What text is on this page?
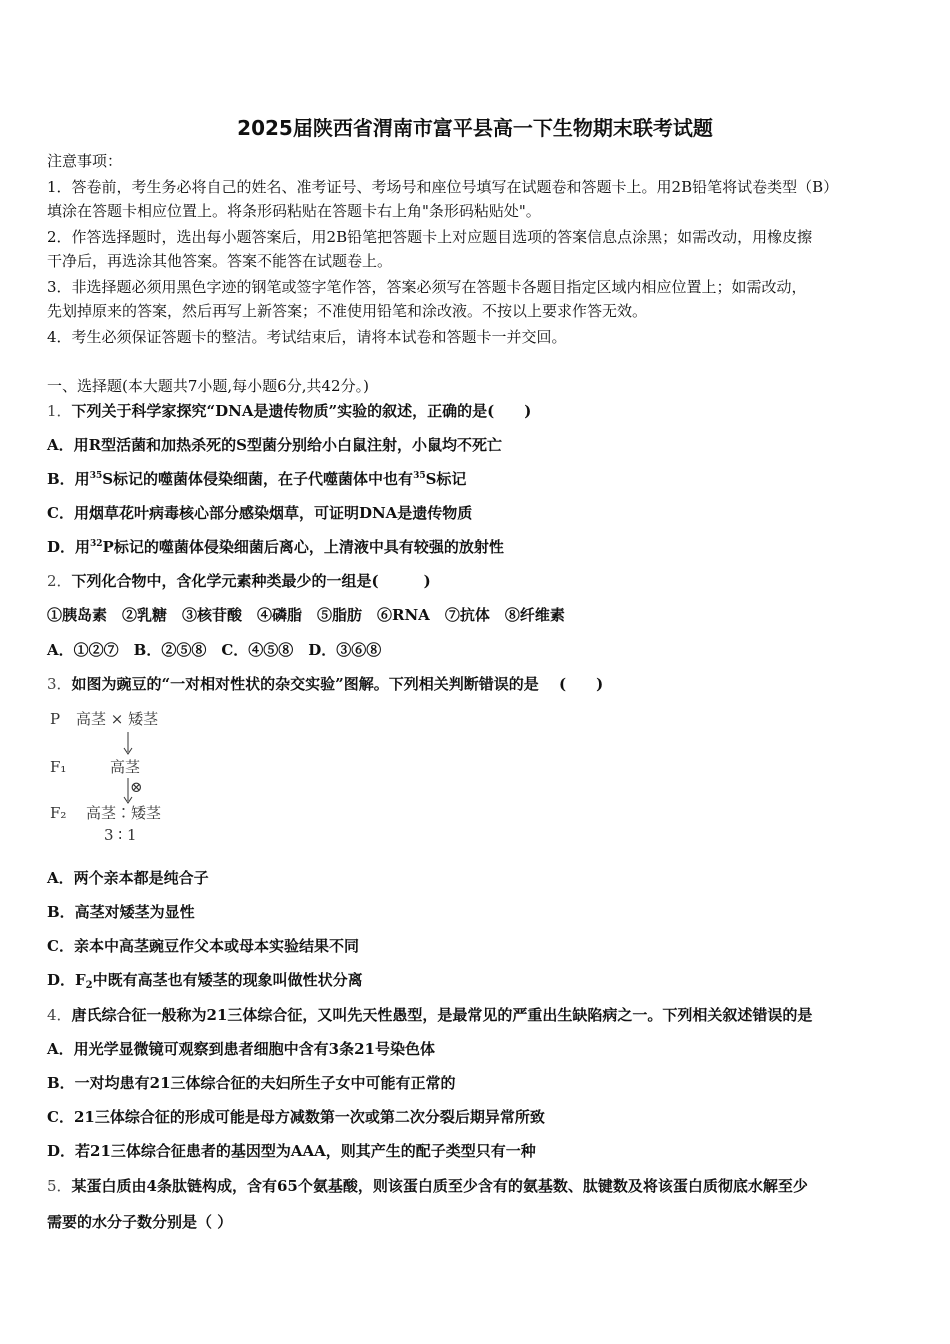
2025届陕西省渭南市富平县高一下生物期末联考试题
注意事项：
1．答卷前，考生务必将自己的姓名、准考证号、考场号和座位号填写在试题卷和答题卡上。用2B铅笔将试卷类型（B）
填涂在答题卡相应位置上。将条形码粘贴在答题卡右上角"条形码粘贴处"。
2．作答选择题时，选出每小题答案后，用2B铅笔把答题卡上对应题目选项的答案信息点涂黑；如需改动，用橡皮擦
干净后，再选涂其他答案。答案不能答在试题卷上。
3．非选择题必须用黑色字迹的钢笔或签字笔作答，答案必须写在答题卡各题目指定区域内相应位置上；如需改动，
先划掉原来的答案，然后再写上新答案；不准使用铅笔和涂改液。不按以上要求作答无效。
4．考生必须保证答题卡的整洁。考试结束后，请将本试卷和答题卡一并交回。
一、选择题(本大题共7小题,每小题6分,共42分。)
1．下列关于科学家探究“DNA是遗传物质”实验的叙述，正确的是(　　)
A．用R型活菌和加热杀死的S型菌分别给小白鼠注射，小鼠均不死亡
B．用$^{35}$S标记的噬菌体侵染细菌，在子代噬菌体中也有$^{35}$S标记
C．用烟草花叶病毒核心部分感染烟草，可证明DNA是遗传物质
D．用$^{32}$P标记的噬菌体侵染细菌后离心，上清液中具有较强的放射性
2．下列化合物中，含化学元素种类最少的一组是(　　　)
①胰岛素　②乳糖　③核苷酸　④磷脂　⑤脂肪　⑥RNA　⑦抗体　⑧纤维素
A．①②⑦　B．②⑤⑧　C．④⑤⑧　D．③⑥⑧
3．如图为豌豆的“一对相对性状的杂交实验”图解。下列相关判断错误的是　 (　　)
P 高茎 × 矮茎
F₁	高茎
⊗
F₂ 高茎∶矮茎
3 ∶ 1
A．两个亲本都是纯合子
B．高茎对矮茎为显性
C．亲本中高茎豌豆作父本或母本实验结果不同
D．$F_2$中既有高茎也有矮茎的现象叫做性状分离
4．唐氏综合征一般称为21三体综合征，又叫先天性愚型，是最常见的严重出生缺陷病之一。下列相关叙述错误的是
A．用光学显微镜可观察到患者细胞中含有3条21号染色体
B．一对均患有21三体综合征的夫妇所生子女中可能有正常的
C．21三体综合征的形成可能是母方减数第一次或第二次分裂后期异常所致
D．若21三体综合征患者的基因型为AAA，则其产生的配子类型只有一种
5．某蛋白质由4条肽链构成，含有65个氨基酸，则该蛋白质至少含有的氨基数、肽键数及将该蛋白质彻底水解至少
需要的水分子数分别是（ ）
